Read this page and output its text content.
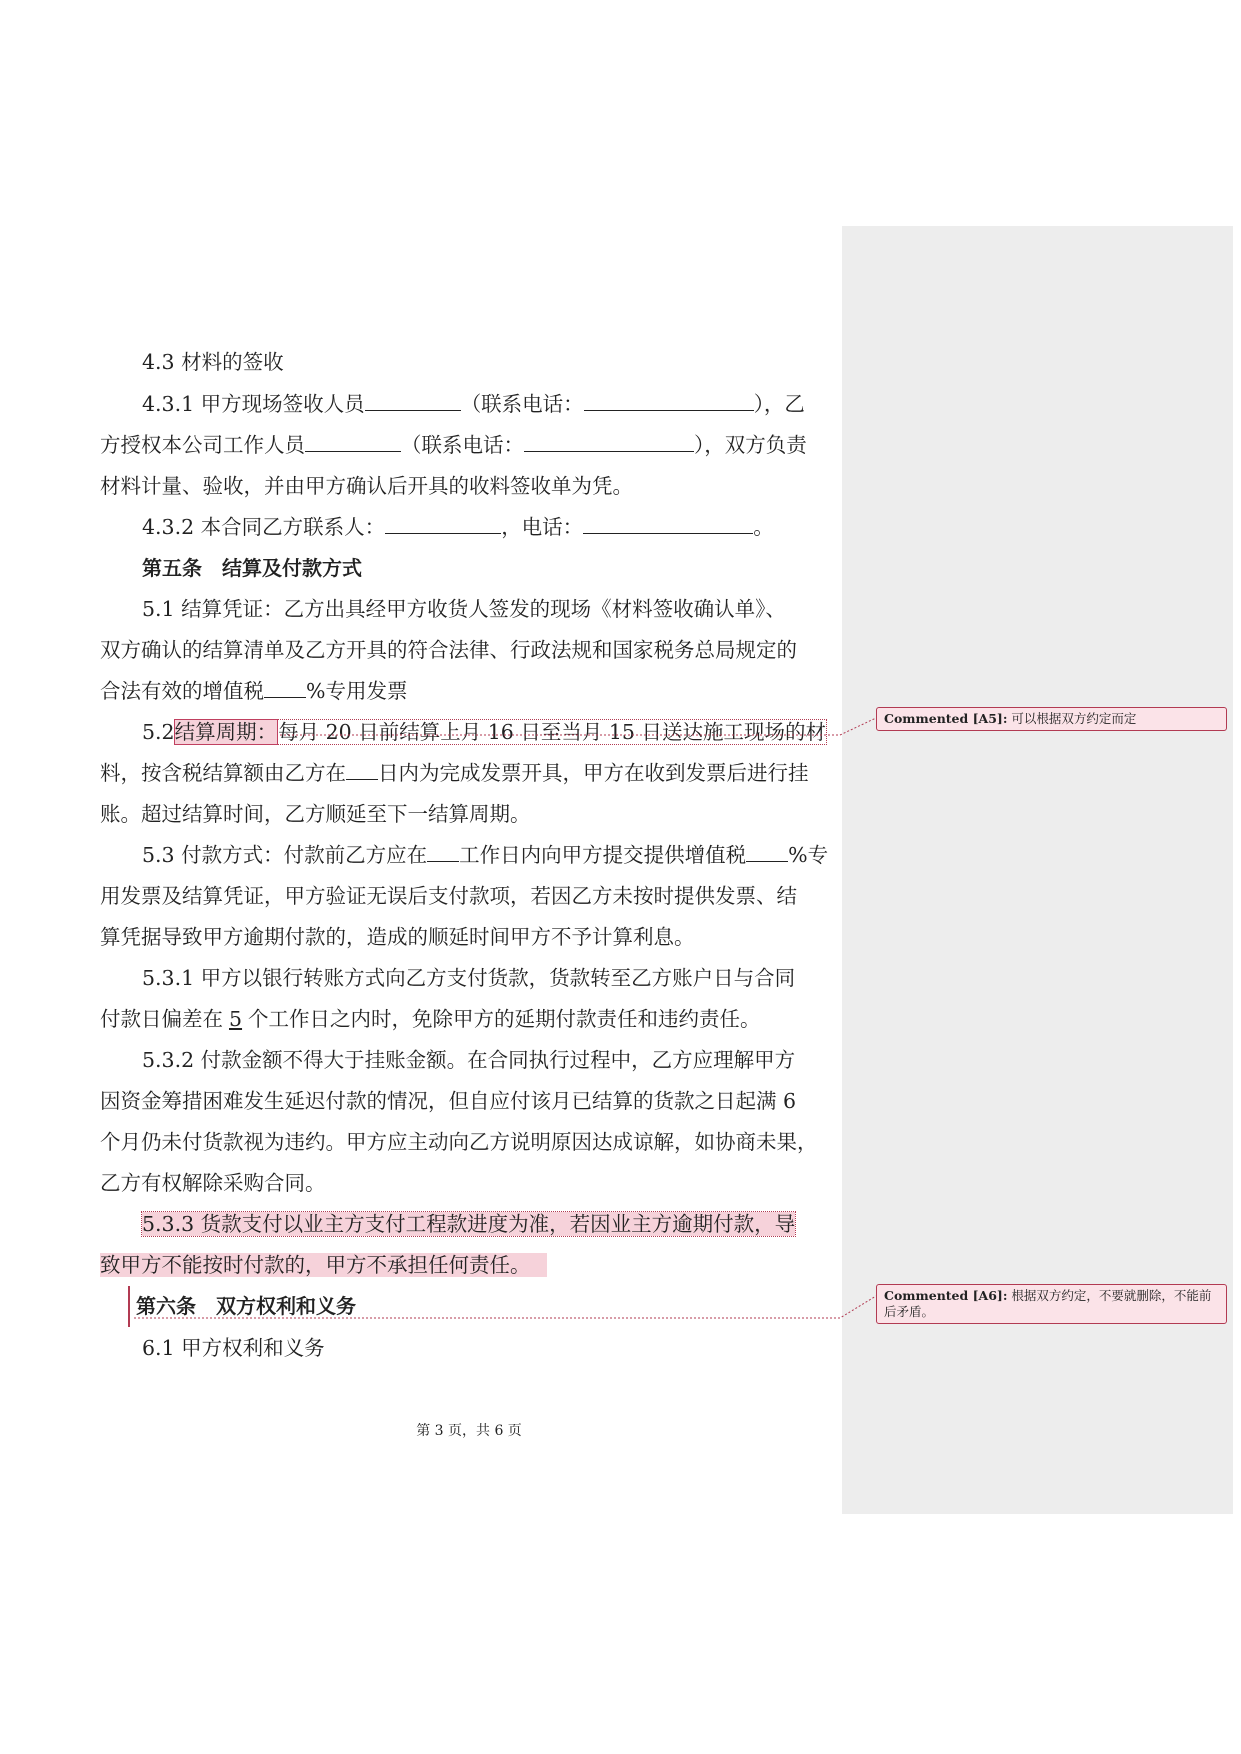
4.3 材料的签收

4.3.1 甲方现场签收人员	（联系电话：	），乙

方授权本公司工作人员	（联系电话：	），双方负责

材料计量、验收，并由甲方确认后开具的收料签收单为凭。

4.3.2 本合同乙方联系人：	，电话：	。

第五条　结算及付款方式

5.1 结算凭证：乙方出具经甲方收货人签发的现场《材料签收确认单》、

双方确认的结算清单及乙方开具的符合法律、行政法规和国家税务总局规定的

合法有效的增值税 %专用发票

5.2结算周期：每月 20 日前结算上月 16 日至当月 15 日送达施工现场的材

料，按含税结算额由乙方在 日内为完成发票开具，甲方在收到发票后进行挂

账。超过结算时间，乙方顺延至下一结算周期。

5.3 付款方式：付款前乙方应在 工作日内向甲方提交提供增值税 %专

用发票及结算凭证，甲方验证无误后支付款项，若因乙方未按时提供发票、结

算凭据导致甲方逾期付款的，造成的顺延时间甲方不予计算利息。

5.3.1 甲方以银行转账方式向乙方支付货款，货款转至乙方账户日与合同

付款日偏差在 5 个工作日之内时，免除甲方的延期付款责任和违约责任。

5.3.2 付款金额不得大于挂账金额。在合同执行过程中，乙方应理解甲方

因资金筹措困难发生延迟付款的情况，但自应付该月已结算的货款之日起满 6

个月仍未付货款视为违约。甲方应主动向乙方说明原因达成谅解，如协商未果，

乙方有权解除采购合同。

5.3.3 货款支付以业主方支付工程款进度为准，若因业主方逾期付款，导

致甲方不能按时付款的，甲方不承担任何责任。

第六条　双方权利和义务

6.1 甲方权利和义务

Commented [A5]: 可以根据双方约定而定
Commented [A6]: 根据双方约定，不要就删除，不能前后矛盾。
第 3 页，共 6 页
